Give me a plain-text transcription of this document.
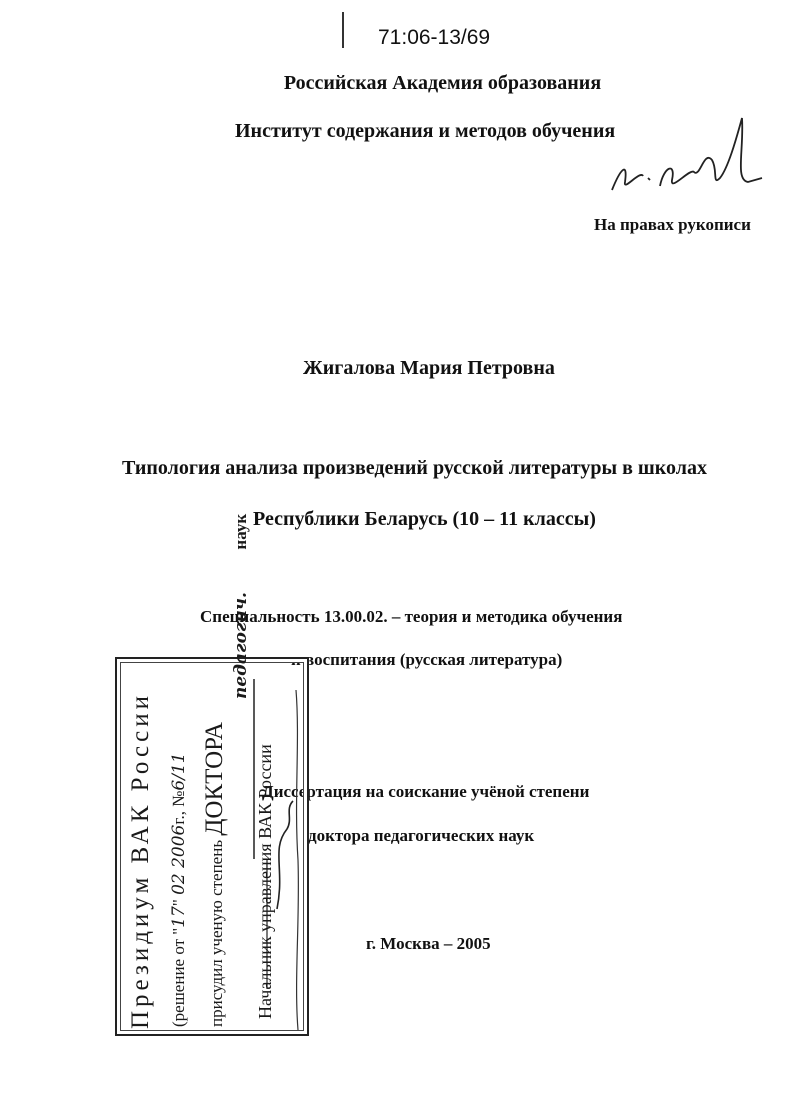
71:06-13/69
Российская Академия образования
Институт содержания и методов обучения
На правах рукописи
Жигалова Мария Петровна
Типология анализа произведений русской литературы в школах
Республики Беларусь (10 – 11 классы)
Специальность 13.00.02. – теория и методика обучения
и воспитания (русская литература)
Диссертация на соискание учёной степени
доктора педагогических наук
г. Москва – 2005
Президиум ВАК России (решение от "17" 02 2006г., №6/11
присудил ученую степень ДОКТОРА
педагогич.          наук
Начальник управления ВАК России
